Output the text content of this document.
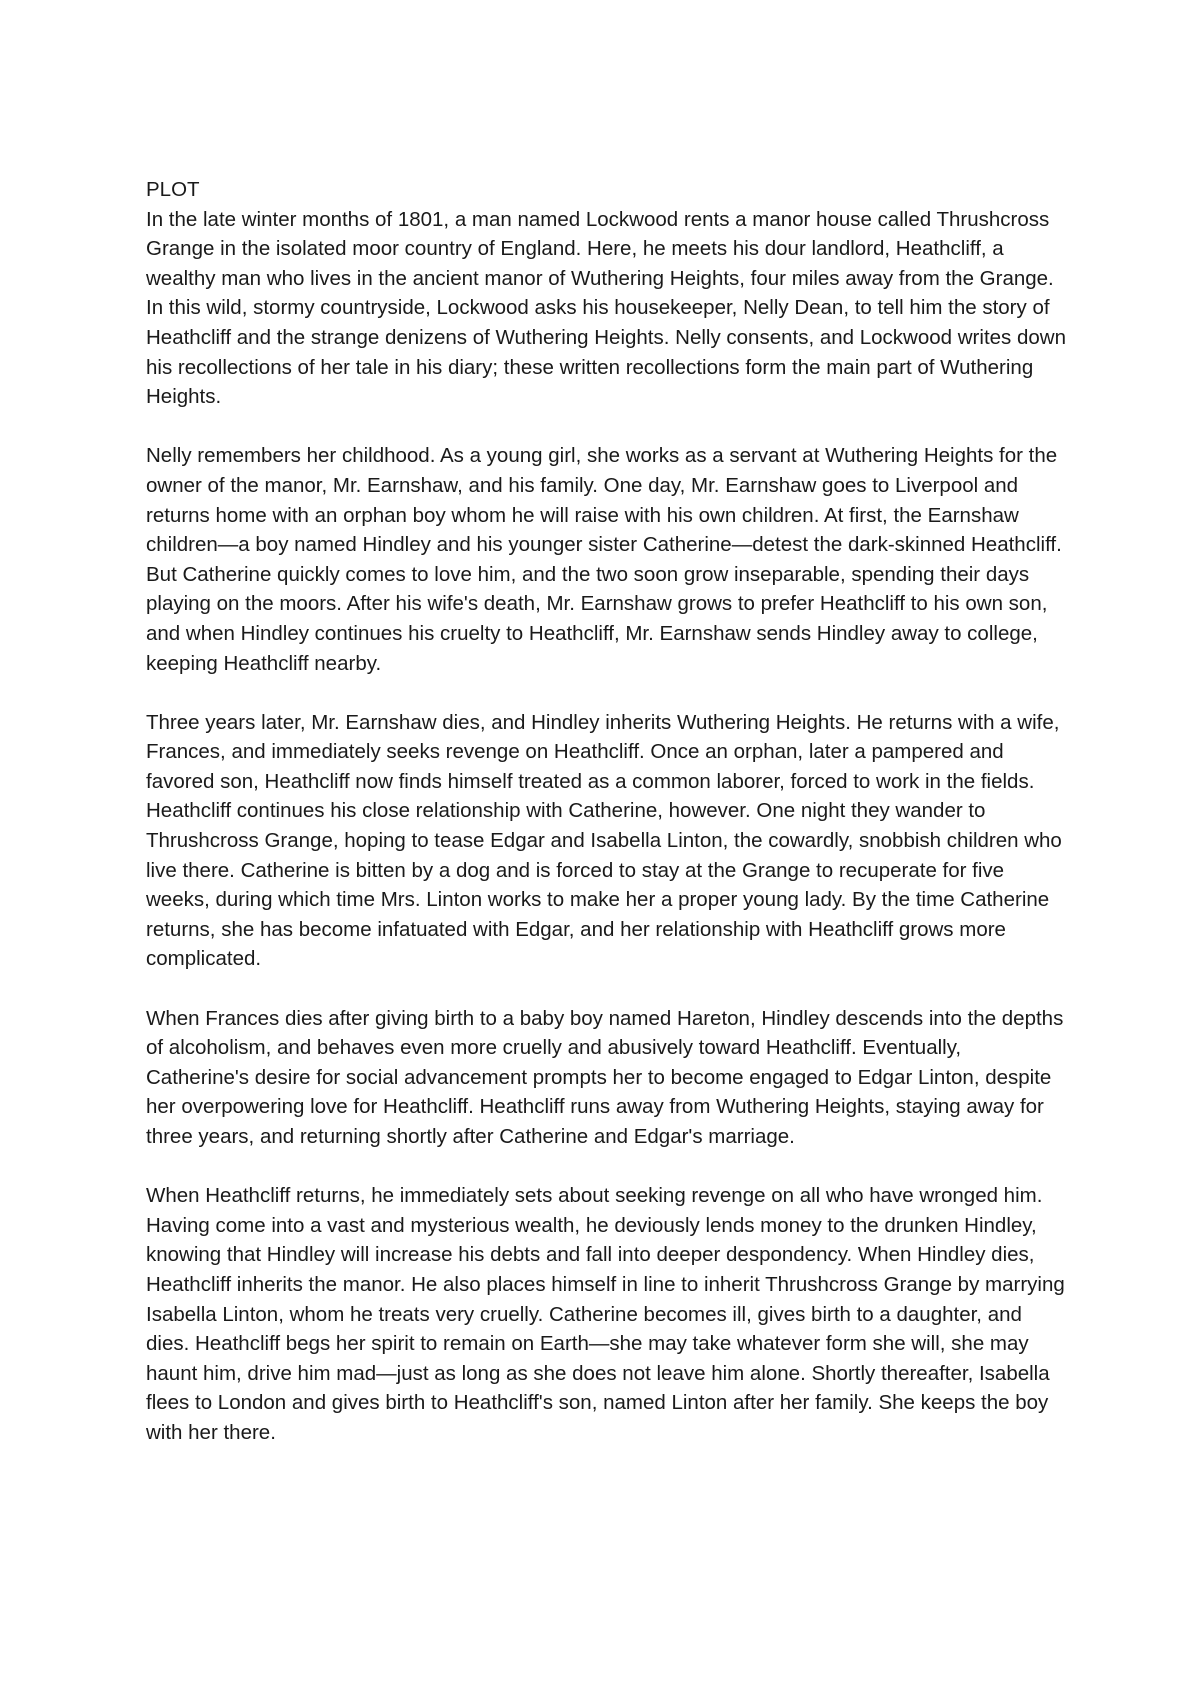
PLOT

In the late winter months of 1801, a man named Lockwood rents a manor house called Thrushcross Grange in the isolated moor country of England. Here, he meets his dour landlord, Heathcliff, a wealthy man who lives in the ancient manor of Wuthering Heights, four miles away from the Grange. In this wild, stormy countryside, Lockwood asks his housekeeper, Nelly Dean, to tell him the story of Heathcliff and the strange denizens of Wuthering Heights. Nelly consents, and Lockwood writes down his recollections of her tale in his diary; these written recollections form the main part of Wuthering Heights.

Nelly remembers her childhood. As a young girl, she works as a servant at Wuthering Heights for the owner of the manor, Mr. Earnshaw, and his family. One day, Mr. Earnshaw goes to Liverpool and returns home with an orphan boy whom he will raise with his own children. At first, the Earnshaw children—a boy named Hindley and his younger sister Catherine—detest the dark-skinned Heathcliff. But Catherine quickly comes to love him, and the two soon grow inseparable, spending their days playing on the moors. After his wife's death, Mr. Earnshaw grows to prefer Heathcliff to his own son, and when Hindley continues his cruelty to Heathcliff, Mr. Earnshaw sends Hindley away to college, keeping Heathcliff nearby.

Three years later, Mr. Earnshaw dies, and Hindley inherits Wuthering Heights. He returns with a wife, Frances, and immediately seeks revenge on Heathcliff. Once an orphan, later a pampered and favored son, Heathcliff now finds himself treated as a common laborer, forced to work in the fields. Heathcliff continues his close relationship with Catherine, however. One night they wander to Thrushcross Grange, hoping to tease Edgar and Isabella Linton, the cowardly, snobbish children who live there. Catherine is bitten by a dog and is forced to stay at the Grange to recuperate for five weeks, during which time Mrs. Linton works to make her a proper young lady. By the time Catherine returns, she has become infatuated with Edgar, and her relationship with Heathcliff grows more complicated.

When Frances dies after giving birth to a baby boy named Hareton, Hindley descends into the depths of alcoholism, and behaves even more cruelly and abusively toward Heathcliff. Eventually, Catherine's desire for social advancement prompts her to become engaged to Edgar Linton, despite her overpowering love for Heathcliff. Heathcliff runs away from Wuthering Heights, staying away for three years, and returning shortly after Catherine and Edgar's marriage.

When Heathcliff returns, he immediately sets about seeking revenge on all who have wronged him. Having come into a vast and mysterious wealth, he deviously lends money to the drunken Hindley, knowing that Hindley will increase his debts and fall into deeper despondency. When Hindley dies, Heathcliff inherits the manor. He also places himself in line to inherit Thrushcross Grange by marrying Isabella Linton, whom he treats very cruelly. Catherine becomes ill, gives birth to a daughter, and dies. Heathcliff begs her spirit to remain on Earth—she may take whatever form she will, she may haunt him, drive him mad—just as long as she does not leave him alone. Shortly thereafter, Isabella flees to London and gives birth to Heathcliff's son, named Linton after her family. She keeps the boy with her there.
